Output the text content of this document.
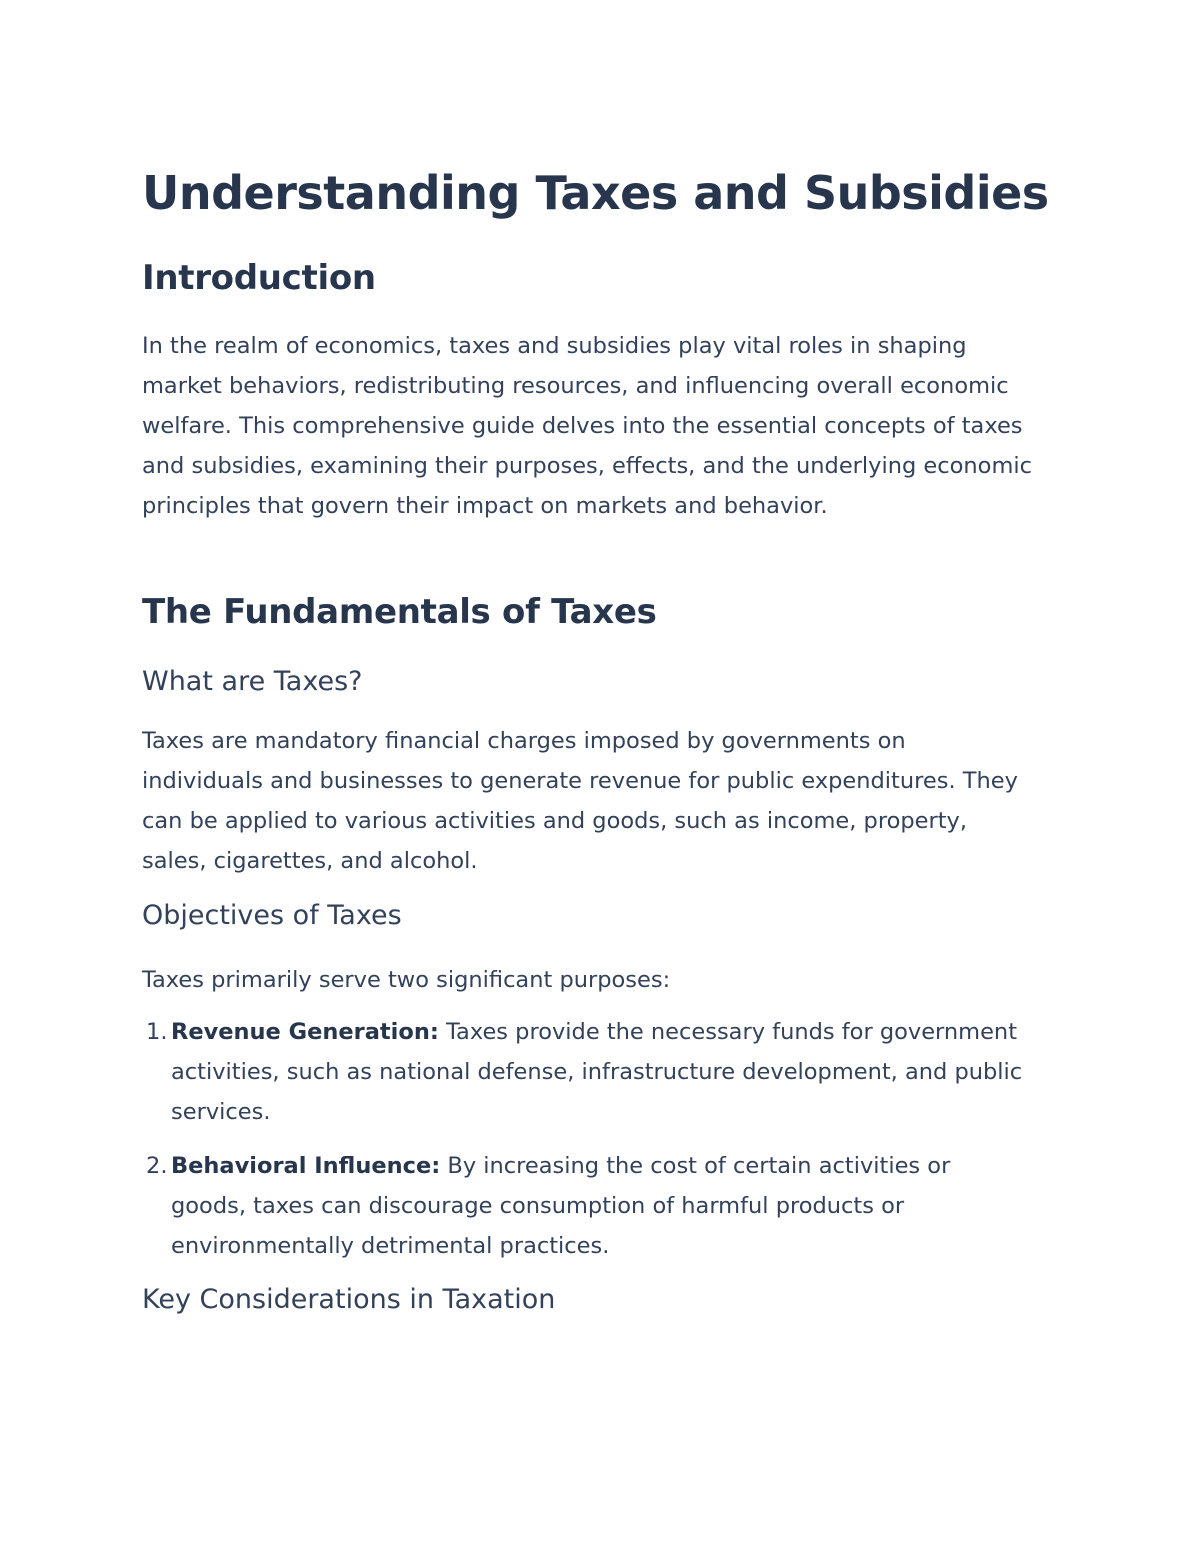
Understanding Taxes and Subsidies
Introduction

In the realm of economics, taxes and subsidies play vital roles in shaping market behaviors, redistributing resources, and influencing overall economic welfare. This comprehensive guide delves into the essential concepts of taxes and subsidies, examining their purposes, effects, and the underlying economic principles that govern their impact on markets and behavior.

The Fundamentals of Taxes
What are Taxes?

Taxes are mandatory financial charges imposed by governments on individuals and businesses to generate revenue for public expenditures. They can be applied to various activities and goods, such as income, property, sales, cigarettes, and alcohol.

Objectives of Taxes

Taxes primarily serve two significant purposes:

1. Revenue Generation: Taxes provide the necessary funds for government activities, such as national defense, infrastructure development, and public services.
2. Behavioral Influence: By increasing the cost of certain activities or goods, taxes can discourage consumption of harmful products or environmentally detrimental practices.
Key Considerations in Taxation
